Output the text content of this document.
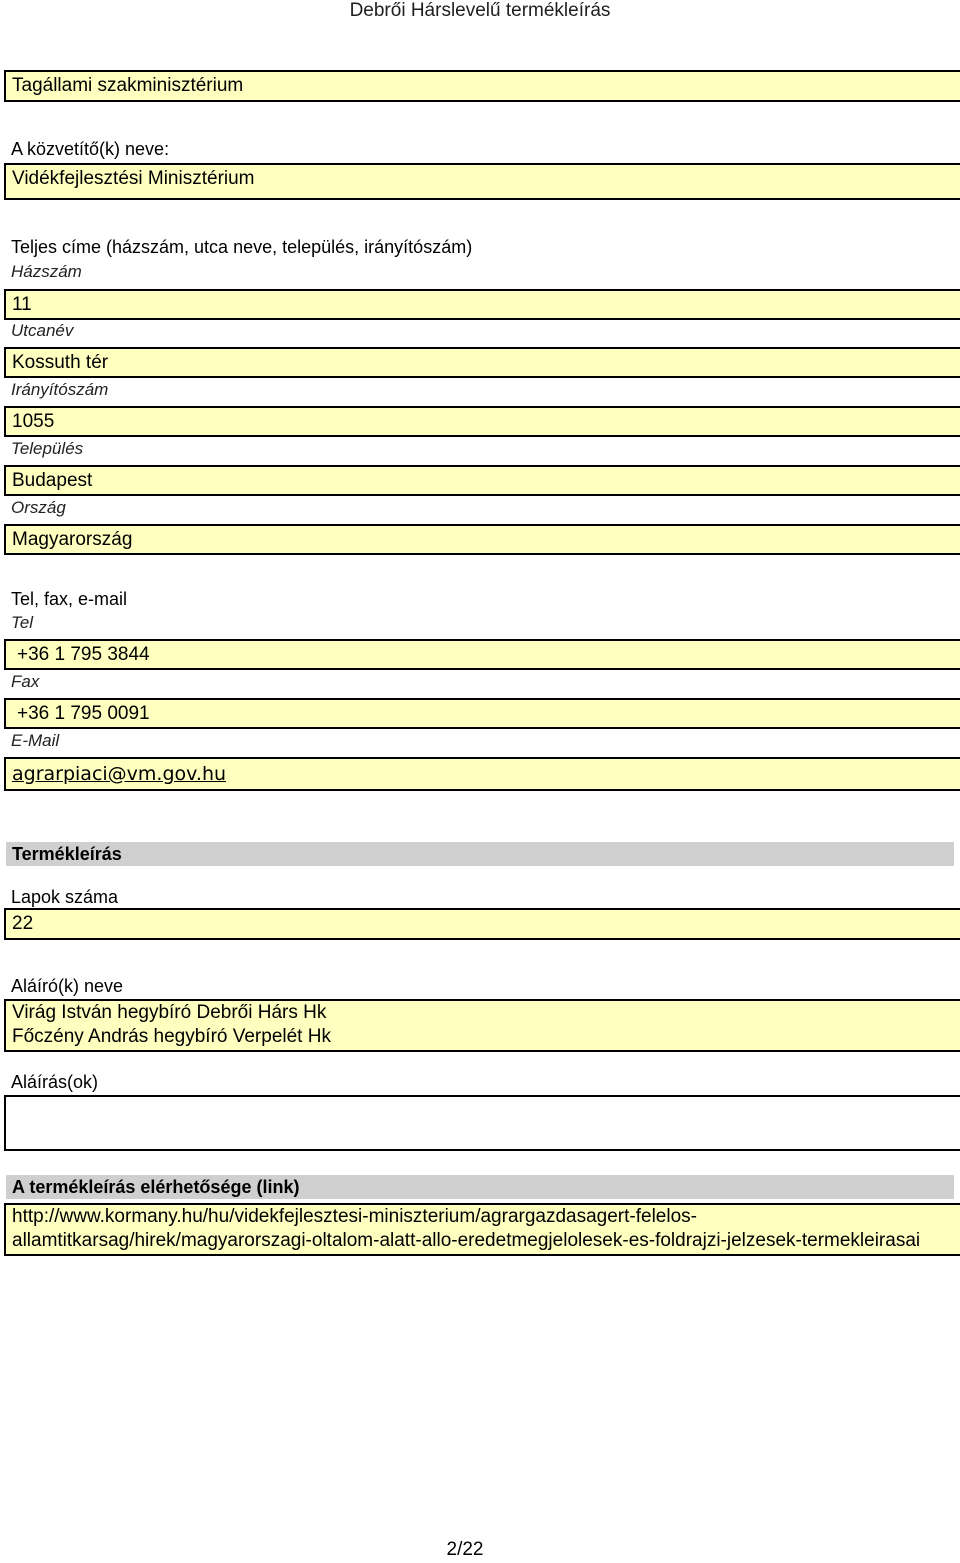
Debrői Hárslevelű termékleírás
Tagállami szakminisztérium
A közvetítő(k) neve:
Vidékfejlesztési Minisztérium
Teljes címe (házszám, utca neve, település, irányítószám)
Házszám
11
Utcanév
Kossuth tér
Irányítószám
1055
Település
Budapest
Ország
Magyarország
Tel, fax, e-mail
Tel
+36 1 795 3844
Fax
+36 1 795 0091
E-Mail
agrarpiaci@vm.gov.hu
Termékleírás
Lapok száma
22
Aláíró(k) neve
Virág István hegybíró Debrői Hárs Hk
Főczény András hegybíró Verpelét Hk
Aláírás(ok)
A termékleírás elérhetősége (link)
http://www.kormany.hu/hu/videkfejlesztesi-miniszterium/agrargazdasagert-felelos-
allamtitkarsag/hirek/magyarorszagi-oltalom-alatt-allo-eredetmegjelolesek-es-foldrajzi-jelzesek-termekleirasai
2/22
